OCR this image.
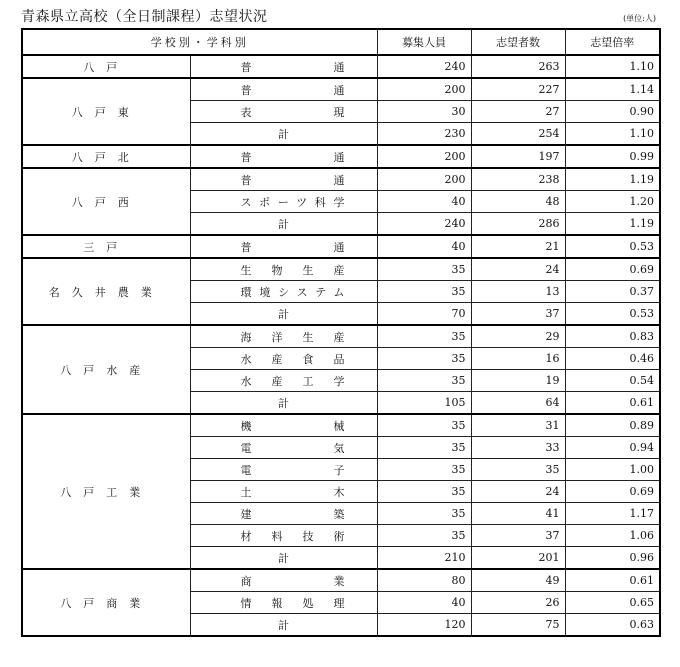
青森県立高校（全日制課程）志望状況	(単位:人)
学校別・学科別		募集人員	志望者数	志望倍率
八戸	普通	240	263	1.10
八戸東	普通	200	227	1.14
	表現	30	27	0.90
	計	230	254	1.10
八戸北	普通	200	197	0.99
八戸西	普通	200	238	1.19
	スポーツ科学	40	48	1.20
	計	240	286	1.19
三戸	普通	40	21	0.53
名久井農業	生物生産	35	24	0.69
	環境システム	35	13	0.37
	計	70	37	0.53
八戸水産	海洋生産	35	29	0.83
	水産食品	35	16	0.46
	水産工学	35	19	0.54
	計	105	64	0.61
八戸工業	機械	35	31	0.89
	電気	35	33	0.94
	電子	35	35	1.00
	土木	35	24	0.69
	建築	35	41	1.17
	材料技術	35	37	1.06
	計	210	201	0.96
八戸商業	商業	80	49	0.61
	情報処理	40	26	0.65
	計	120	75	0.63
